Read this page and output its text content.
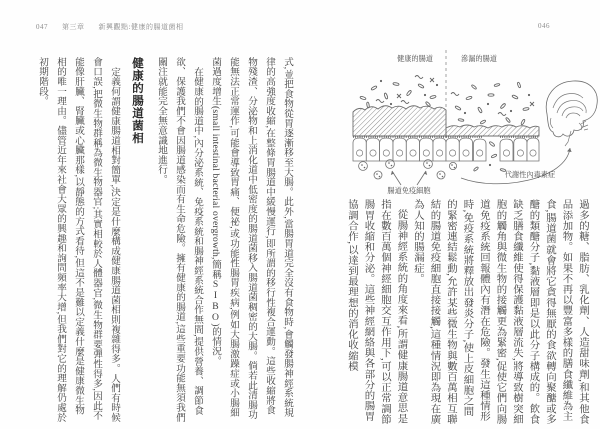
047 第三章 新興觀點:健康的腸道菌相	046
健康的腸道	滲漏的腸道
腸道免疫細胞
代謝性內毒素症

過多的糖、脂肪、乳化劑、人造甜味劑,和其他食品添加物。如果不再以豐富多樣的膳食纖維為主食,腸道菌就會將它貪得無厭的食欲轉向聚醣或多醣的類醣分子,黏液層即是以此分子構成的。飲食缺乏膳食纖維使得保護黏液層流失,將導致樹突細胞的觸角與微生物的接觸更為緊密,促使它們向腸道免疫系統回報體內有潛在危險。發生這種情形時,免疫系統將釋放出發炎分子,使上皮細胞之間的緊密連結鬆動,允許某些微生物與數百萬相互聯結的腸道免疫細胞直接接觸,這種情況即為現在廣為人知的腸漏症。

從腸神經系統的角度來看,所謂健康腸道意思是指在數百萬個神經細胞交互作用下,可以正常調節腸胃收縮和分泌。這些神經網絡與各部分的腸胃協調合作,以達到最理想的消化收縮模

式,並把食物從胃逐漸移至大腸。此外,當腸胃道完全沒有食物時,會觸發腸神經系統規律的高強度收縮,在整條胃腸道中緩慢運行,即所謂的移行性複合運動。這些收縮將食物殘渣、分泌物和上消化道中低密度的腸道菌移入腸道菌稠密的大腸。倘若此清腸功能無法正常運作,可能會導致胃痛、便祕,或功能性腸胃疾病,例如大腸激躁症或小腸細菌過度增生(small intestinal bacterial overgrowth,簡稱SIBO)的情況。

在健康的腸道中,內分泌系統、免疫系統和腸神經系統合作無間,提供營養、調節食欲、保護我們不會因腸道感染而有生命危險。擁有健康的腸道,這些重要功能無須我們關注就能完全無意識地進行。

健康的腸道菌相

定義何謂健康腸道相對簡單,決定是什麼構成健康腸道菌相則複雜得多。人們有時候會口誤,把微生物群稱為微生物器官;其實相較於人體器官,微生物群要彈性得多,因此不能像肝臟、腎臟或心臟那樣,以靜態的方式看待,但這不是難以定義什麼是健康微生物相的唯一理由。儘管近年來社會大眾的興趣和詢問頻率大增,但我們對它的理解仍處於初期階段。
